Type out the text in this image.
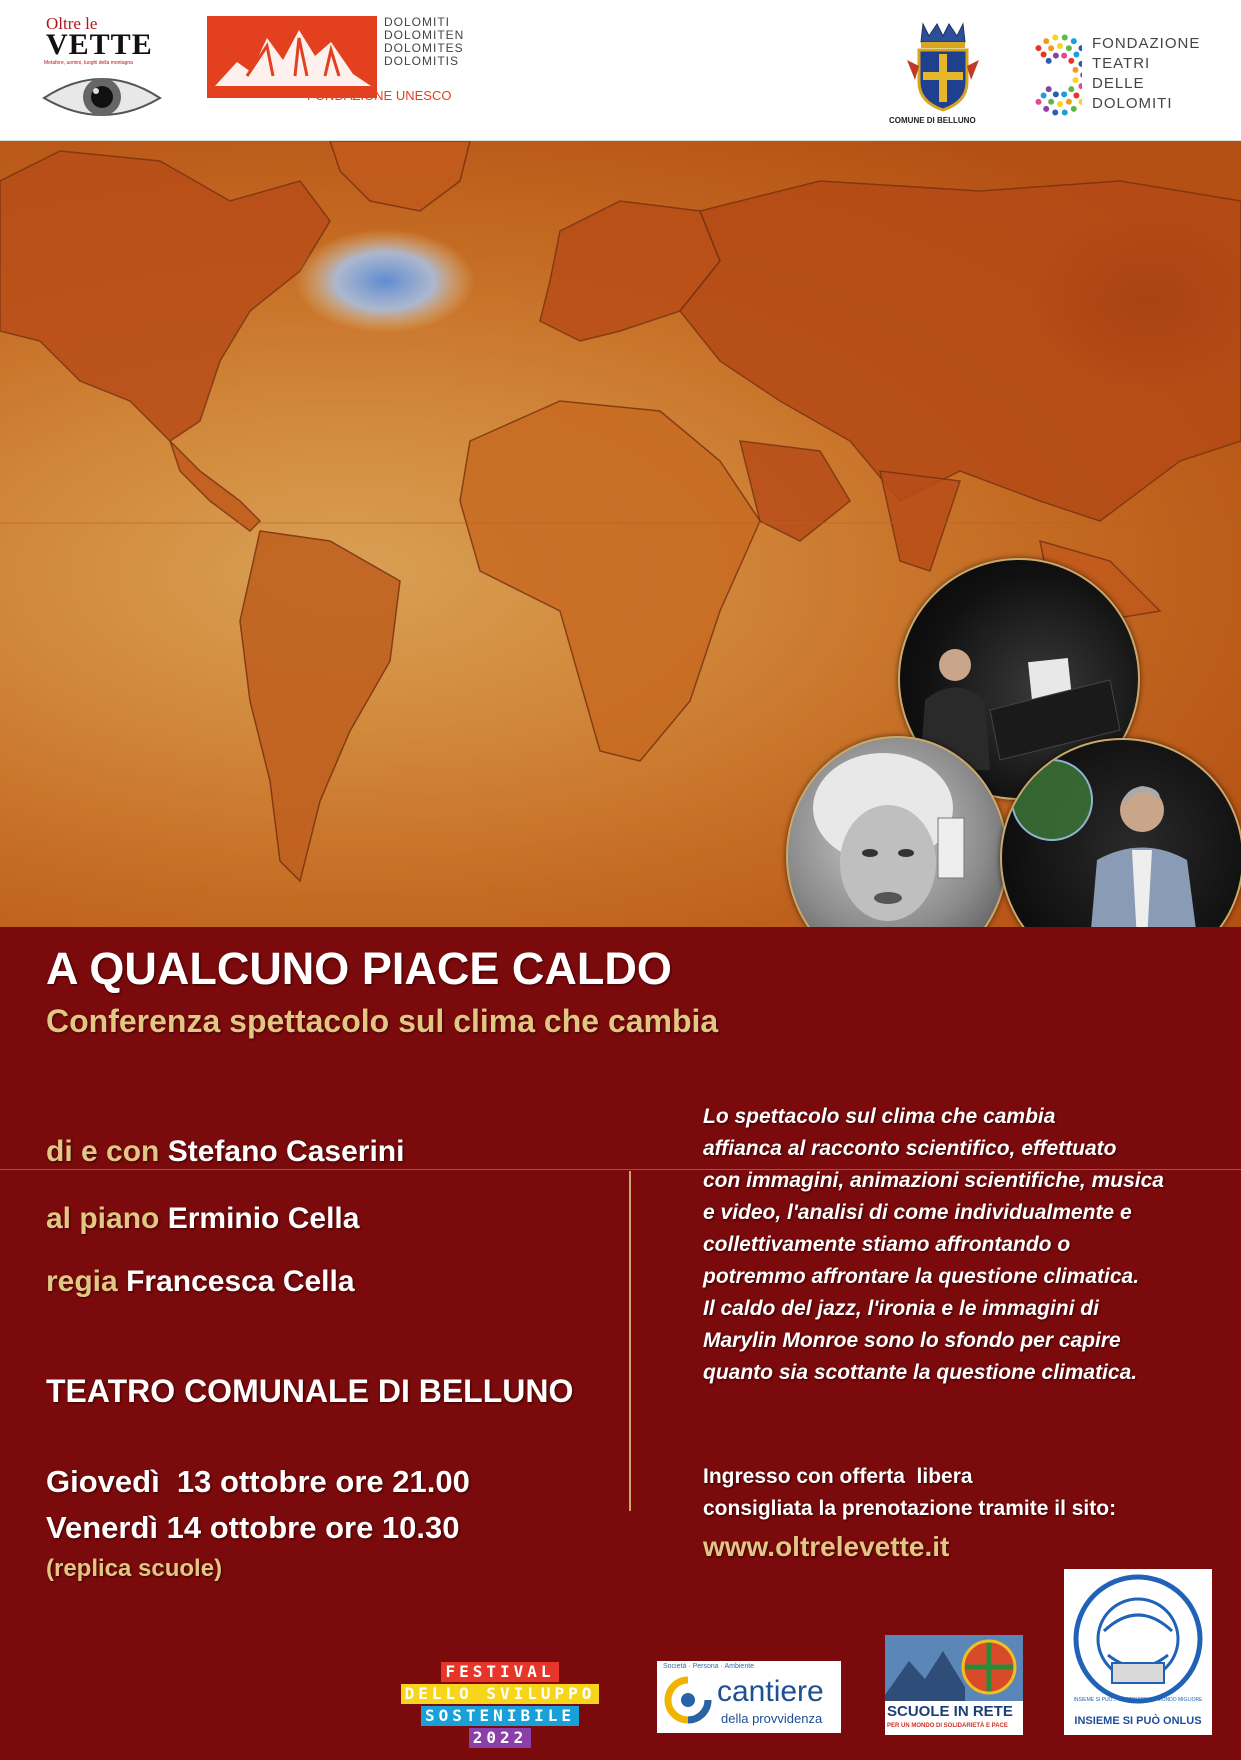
Oltre le
VETTE
Metafore, uomini, luoghi della montagna
DOLOMITI
DOLOMITEN
DOLOMITES
DOLOMITIS
FONDAZIONE UNESCO
COMUNE DI BELLUNO
FONDAZIONE
TEATRI
DELLE
DOLOMITI
A QUALCUNO PIACE CALDO
Conferenza spettacolo sul clima che cambia
di e con Stefano Caserini
al piano Erminio Cella
regia Francesca Cella
TEATRO COMUNALE DI BELLUNO
Giovedì  13 ottobre ore 21.00
Venerdì 14 ottobre ore 10.30
(replica scuole)
Lo spettacolo sul clima che cambia
affianca al racconto scientifico, effettuato
con immagini, animazioni scientifiche, musica
e video, l'analisi di come individualmente e
collettivamente stiamo affrontando o
potremmo affrontare la questione climatica.
Il caldo del jazz, l'ironia e le immagini di
Marylin Monroe sono lo sfondo per capire
quanto sia scottante la questione climatica.
Ingresso con offerta  libera
consigliata la prenotazione tramite il sito:
www.oltrelevette.it
FESTIVAL
DELLO SVILUPPO
SOSTENIBILE
2022
Società · Persona · Ambiente
cantiere
della provvidenza	SCUOLE IN RETE
PER UN MONDO DI SOLIDARIETÀ E PACE
INSIEME SI PUÒ... COSTRUIRE UN MONDO MIGLIORE
INSIEME SI PUÒ ONLUS
